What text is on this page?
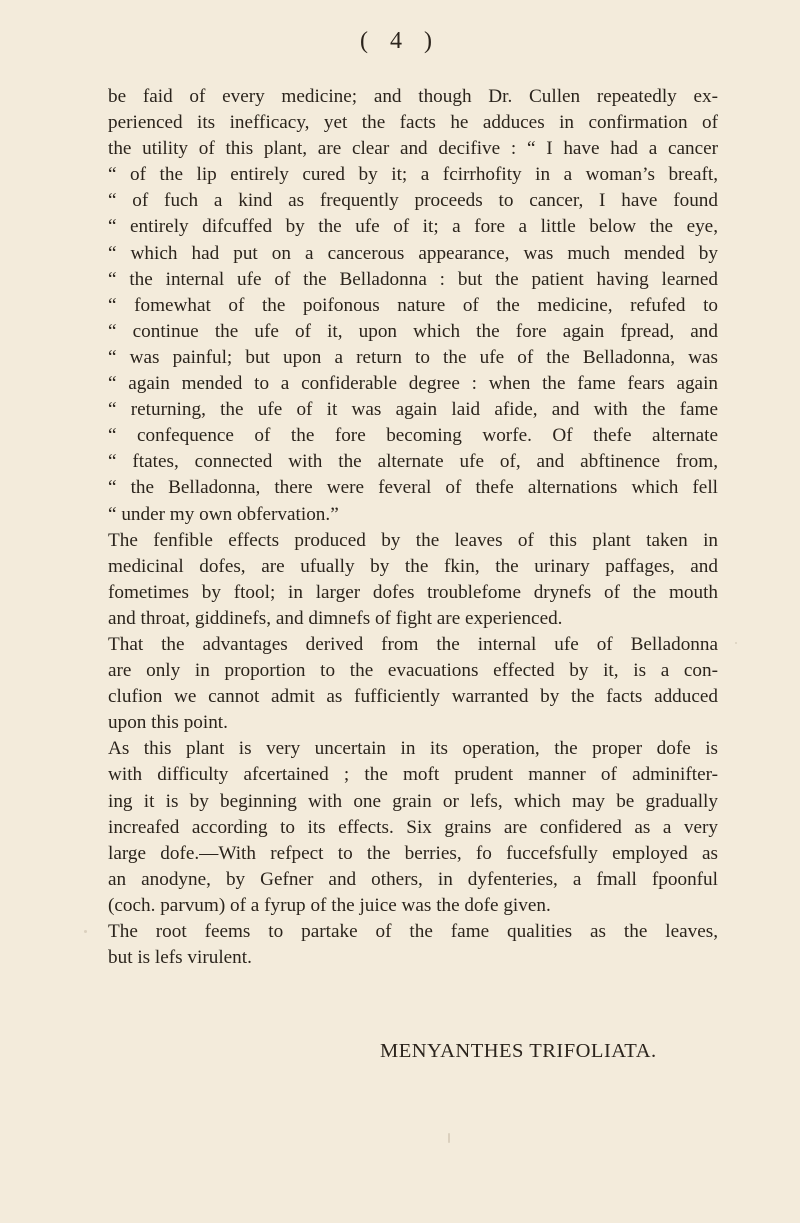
( 4 )
be faid of every medicine; and though Dr. Cullen repeatedly ex-
perienced its inefficacy, yet the facts he adduces in confirmation of
the utility of this plant, are clear and decifive : “ I have had a cancer
“ of the lip entirely cured by it; a fcirrhofity in a woman’s breaft,
“ of fuch a kind as frequently proceeds to cancer, I have found
“ entirely difcuffed by the ufe of it; a fore a little below the eye,
“ which had put on a cancerous appearance, was much mended by
“ the internal ufe of the Belladonna : but the patient having learned
“ fomewhat of the poifonous nature of the medicine, refufed to
“ continue the ufe of it, upon which the fore again fpread, and
“ was painful; but upon a return to the ufe of the Belladonna, was
“ again mended to a confiderable degree : when the fame fears again
“ returning, the ufe of it was again laid afide, and with the fame
“ confequence of the fore becoming worfe. Of thefe alternate
“ ftates, connected with the alternate ufe of, and abftinence from,
“ the Belladonna, there were feveral of thefe alternations which fell
“ under my own obfervation.”
The fenfible effects produced by the leaves of this plant taken in
medicinal dofes, are ufually by the fkin, the urinary paffages, and
fometimes by ftool; in larger dofes troublefome drynefs of the mouth
and throat, giddinefs, and dimnefs of fight are experienced.
That the advantages derived from the internal ufe of Belladonna
are only in proportion to the evacuations effected by it, is a con-
clufion we cannot admit as fufficiently warranted by the facts adduced
upon this point.
As this plant is very uncertain in its operation, the proper dofe is
with difficulty afcertained ; the moft prudent manner of adminifter-
ing it is by beginning with one grain or lefs, which may be gradually
increafed according to its effects. Six grains are confidered as a very
large dofe.—With refpect to the berries, fo fuccefsfully employed as
an anodyne, by Gefner and others, in dyfenteries, a fmall fpoonful
(coch. parvum) of a fyrup of the juice was the dofe given.
The root feems to partake of the fame qualities as the leaves,
but is lefs virulent.
MENYANTHES TRIFOLIATA.
